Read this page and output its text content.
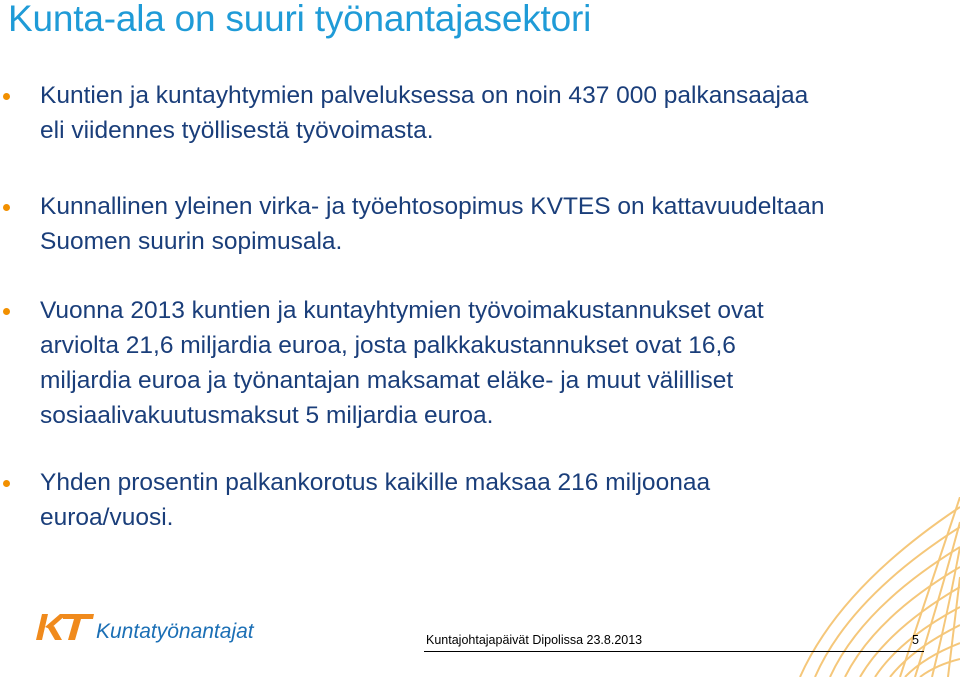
Kunta-ala on suuri työnantajasektori
Kuntien ja kuntayhtymien palveluksessa on noin 437 000 palkansaajaa
eli viidennes työllisestä työvoimasta.
Kunnallinen yleinen virka- ja työehtosopimus KVTES on kattavuudeltaan
Suomen suurin sopimusala.
Vuonna 2013 kuntien ja kuntayhtymien työvoimakustannukset ovat
arviolta 21,6 miljardia euroa, josta palkkakustannukset ovat 16,6
miljardia euroa ja työnantajan maksamat eläke- ja muut välilliset
sosiaalivakuutusmaksut 5 miljardia euroa.
Yhden prosentin palkankorotus kaikille maksaa 216 miljoonaa
euroa/vuosi.
Kuntatyönantajat	Kuntajohtajapäivät Dipolissa 23.8.2013	5
